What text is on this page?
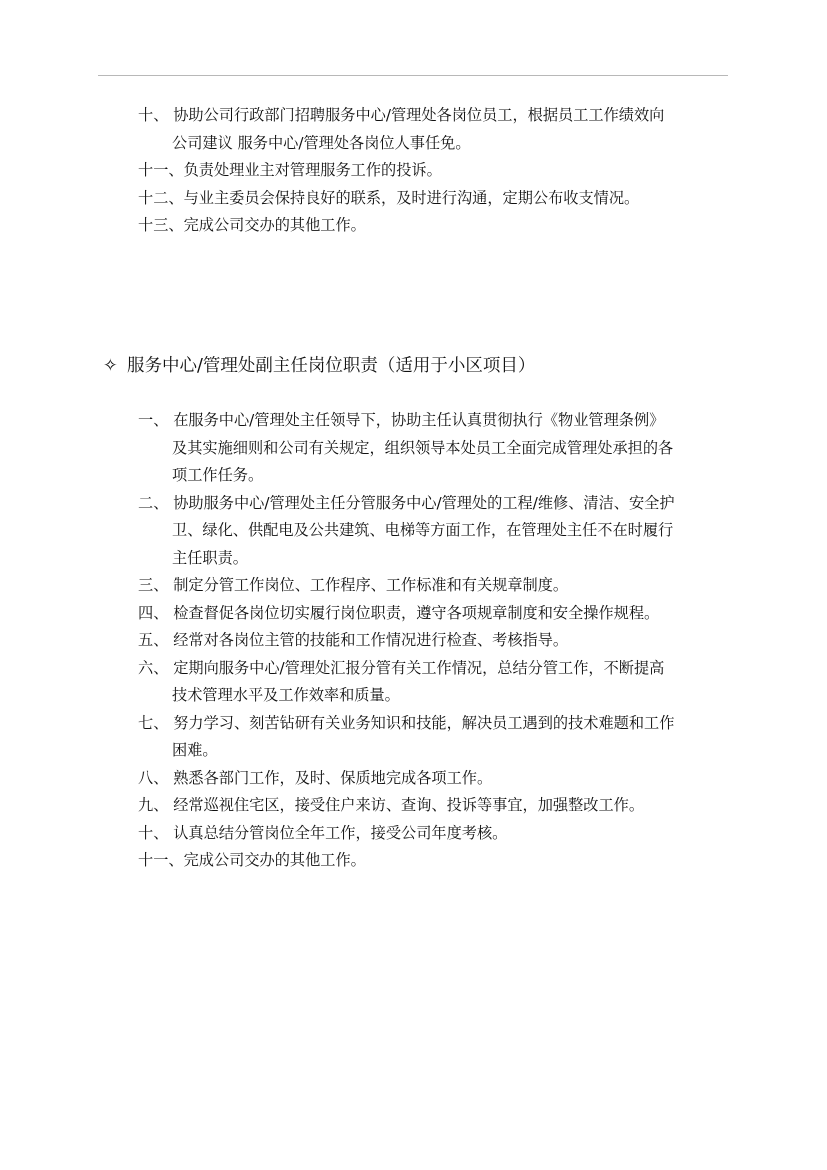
十、 协助公司行政部门招聘服务中心/管理处各岗位员工，根据员工工作绩效向
公司建议 服务中心/管理处各岗位人事任免。
十一、负责处理业主对管理服务工作的投诉。
十二、与业主委员会保持良好的联系，及时进行沟通，定期公布收支情况。
十三、完成公司交办的其他工作。
✧ 服务中心/管理处副主任岗位职责（适用于小区项目）
一、 在服务中心/管理处主任领导下，协助主任认真贯彻执行《物业管理条例》
及其实施细则和公司有关规定，组织领导本处员工全面完成管理处承担的各
项工作任务。
二、 协助服务中心/管理处主任分管服务中心/管理处的工程/维修、清洁、安全护
卫、绿化、供配电及公共建筑、电梯等方面工作，在管理处主任不在时履行
主任职责。
三、 制定分管工作岗位、工作程序、工作标准和有关规章制度。
四、 检查督促各岗位切实履行岗位职责，遵守各项规章制度和安全操作规程。
五、 经常对各岗位主管的技能和工作情况进行检查、考核指导。
六、 定期向服务中心/管理处汇报分管有关工作情况，总结分管工作，不断提高
技术管理水平及工作效率和质量。
七、 努力学习、刻苦钻研有关业务知识和技能，解决员工遇到的技术难题和工作
困难。
八、 熟悉各部门工作，及时、保质地完成各项工作。
九、 经常巡视住宅区，接受住户来访、查询、投诉等事宜，加强整改工作。
十、 认真总结分管岗位全年工作，接受公司年度考核。
十一、完成公司交办的其他工作。
